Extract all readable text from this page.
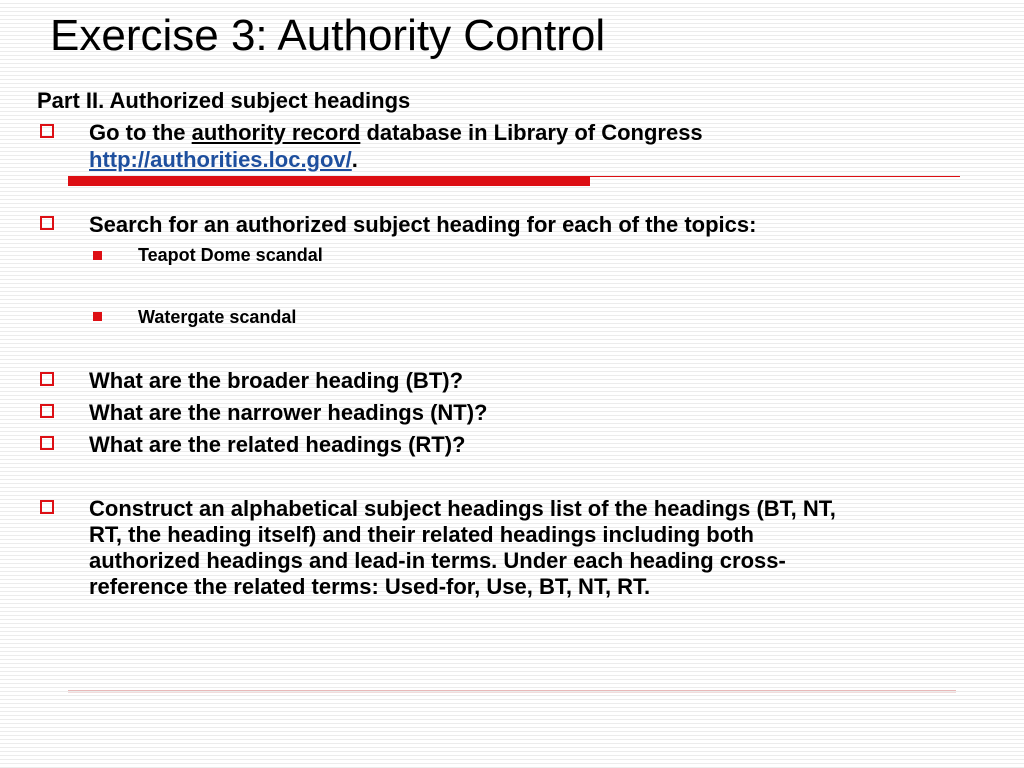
Exercise 3: Authority Control
Part II. Authorized subject headings
Go to the authority record database in Library of Congress
http://authorities.loc.gov/.
Search for an authorized subject heading for each of the topics:
Teapot Dome scandal
Watergate scandal
What are the broader heading (BT)?
What are the narrower headings (NT)?
What are the related headings (RT)?
Construct an alphabetical subject headings list of the headings (BT, NT,
RT, the heading itself) and their related headings including both
authorized headings and lead-in terms. Under each heading cross-
reference the related terms: Used-for, Use, BT, NT, RT.
